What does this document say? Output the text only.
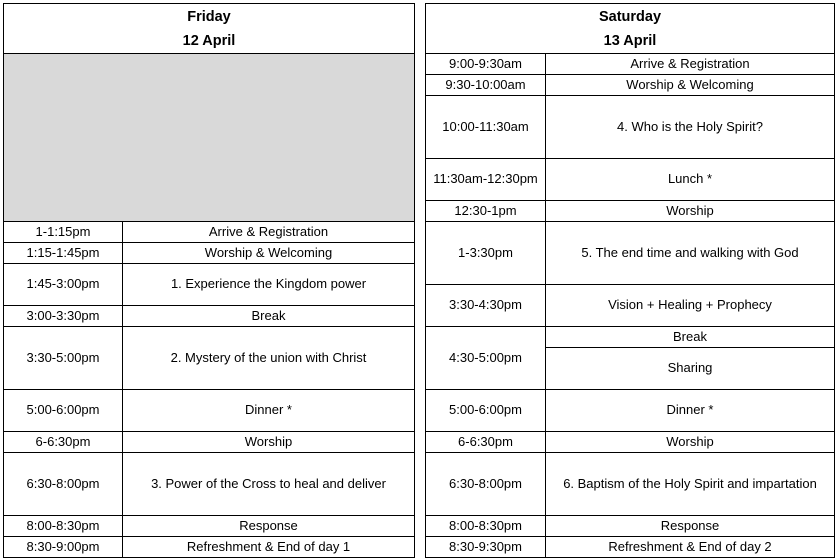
Friday
12 April	

1-1:15pm	Arrive & Registration
1:15-1:45pm	Worship & Welcoming
1:45-3:00pm	1. Experience the Kingdom power
3:00-3:30pm	Break
3:30-5:00pm	2. Mystery of the union with Christ
5:00-6:00pm	Dinner *
6-6:30pm	Worship
6:30-8:00pm	3. Power of the Cross to heal and deliver
8:00-8:30pm	Response
8:30-9:00pm	Refreshment & End of day 1
Saturday
13 April	

9:00-9:30am	Arrive & Registration
9:30-10:00am	Worship & Welcoming
10:00-11:30am	4. Who is the Holy Spirit?
11:30am-12:30pm	Lunch *
12:30-1pm	Worship
1-3:30pm	5. The end time and walking with God
3:30-4:30pm	Vision + Healing + Prophecy
4:30-5:00pm	Break
	Sharing
5:00-6:00pm	Dinner *
6-6:30pm	Worship
6:30-8:00pm	6. Baptism of the Holy Spirit and impartation
8:00-8:30pm	Response
8:30-9:30pm	Refreshment & End of day 2
